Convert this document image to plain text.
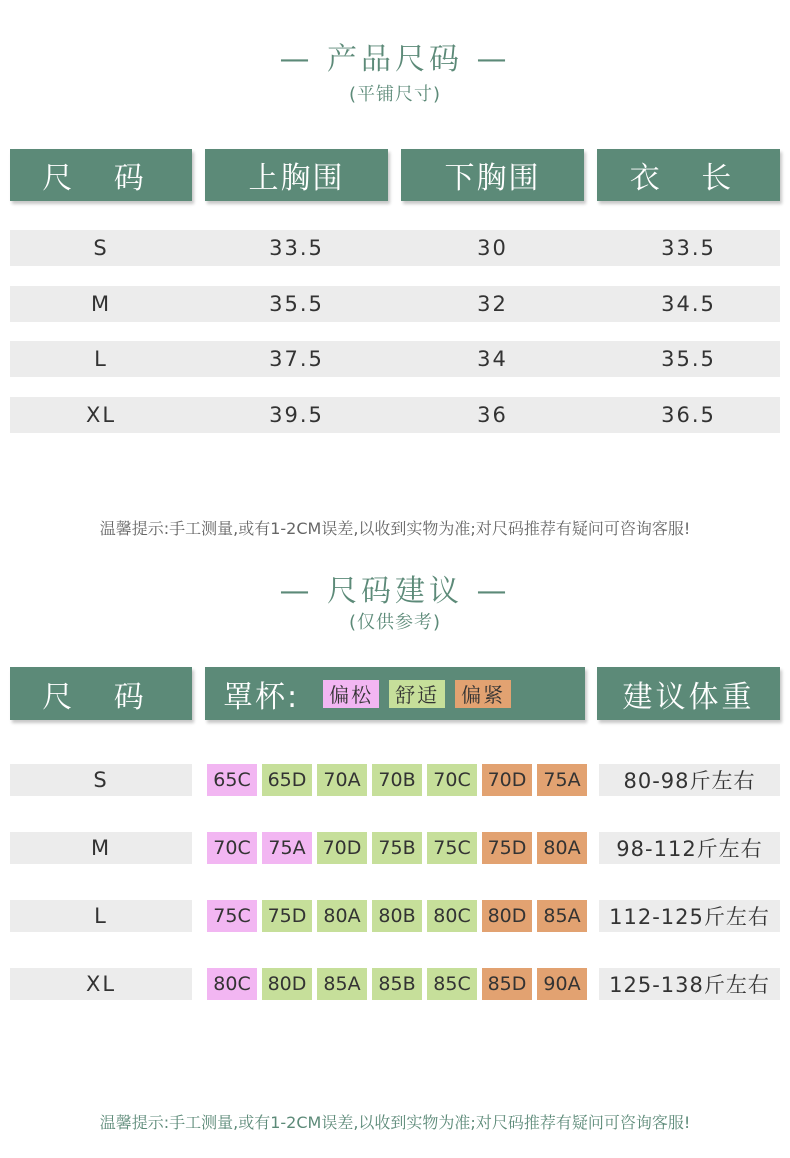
— 产品尺码 —
(平铺尺寸)
尺 码	上胸围	下胸围	衣 长
S	33.5	30	33.5
M	35.5	32	34.5
L	37.5	34	35.5
XL	39.5	36	36.5
温馨提示:手工测量,或有1-2CM误差,以收到实物为准;对尺码推荐有疑问可咨询客服!
— 尺码建议 —
(仅供参考)
尺 码	罩杯:	偏松	舒适	偏紧	建议体重
S	65C 65D 70A 70B 70C 70D 75A	80-98斤左右
M	70C 75A 70D 75B 75C 75D 80A	98-112斤左右
L	75C 75D 80A 80B 80C 80D 85A	112-125斤左右
XL	80C 80D 85A 85B 85C 85D 90A	125-138斤左右
温馨提示:手工测量,或有1-2CM误差,以收到实物为准;对尺码推荐有疑问可咨询客服!
